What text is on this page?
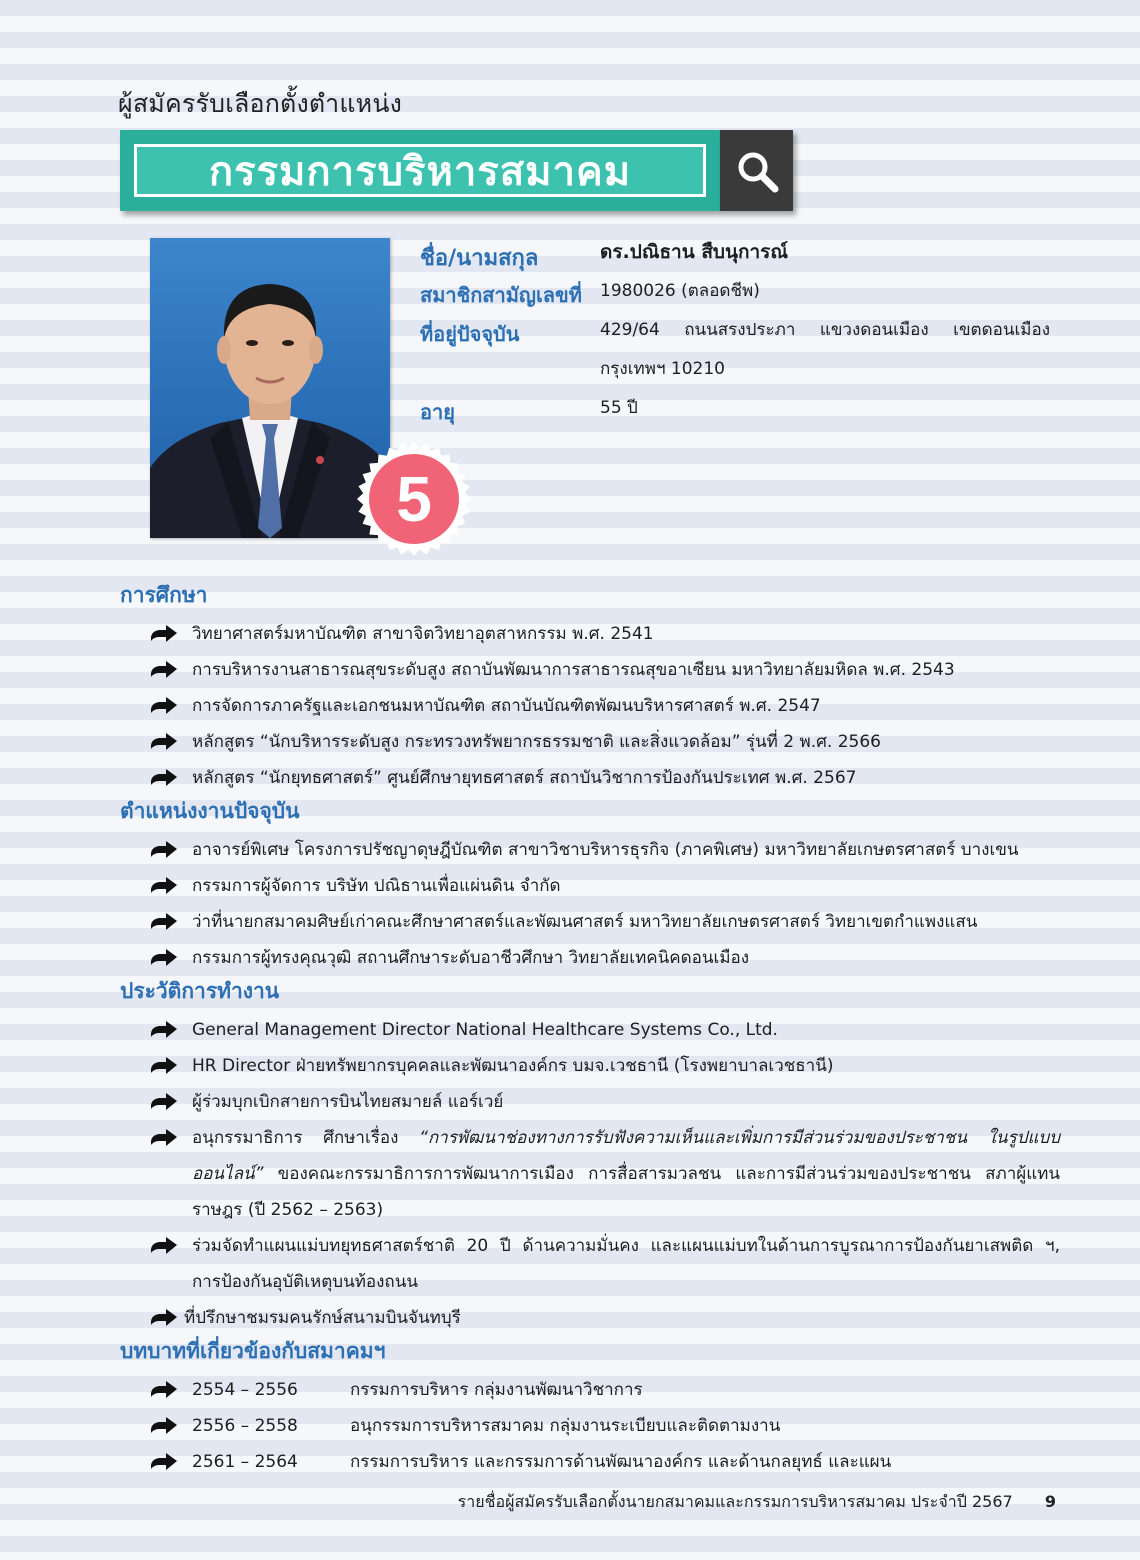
ผู้สมัครรับเลือกตั้งตำแหน่ง
กรรมการบริหารสมาคม
5
ชื่อ/นามสกุล	ดร.ปณิธาน สืบนุการณ์
สมาชิกสามัญเลขที่ 1980026 (ตลอดชีพ)
ที่อยู่ปัจจุบัน	429/64 ถนนสรงประภา แขวงดอนเมือง เขตดอนเมือง กรุงเทพฯ 10210
อายุ	55 ปี
การศึกษา
วิทยาศาสตร์มหาบัณฑิต สาขาจิตวิทยาอุตสาหกรรม พ.ศ. 2541
การบริหารงานสาธารณสุขระดับสูง สถาบันพัฒนาการสาธารณสุขอาเซียน มหาวิทยาลัยมหิดล พ.ศ. 2543
การจัดการภาครัฐและเอกชนมหาบัณฑิต สถาบันบัณฑิตพัฒนบริหารศาสตร์ พ.ศ. 2547
หลักสูตร “นักบริหารระดับสูง กระทรวงทรัพยากรธรรมชาติ และสิ่งแวดล้อม” รุ่นที่ 2 พ.ศ. 2566
หลักสูตร “นักยุทธศาสตร์” ศูนย์ศึกษายุทธศาสตร์ สถาบันวิชาการป้องกันประเทศ พ.ศ. 2567
ตำแหน่งงานปัจจุบัน
อาจารย์พิเศษ โครงการปรัชญาดุษฎีบัณฑิต สาขาวิชาบริหารธุรกิจ (ภาคพิเศษ) มหาวิทยาลัยเกษตรศาสตร์ บางเขน
กรรมการผู้จัดการ บริษัท ปณิธานเพื่อแผ่นดิน จำกัด
ว่าที่นายกสมาคมศิษย์เก่าคณะศึกษาศาสตร์และพัฒนศาสตร์ มหาวิทยาลัยเกษตรศาสตร์ วิทยาเขตกำแพงแสน
กรรมการผู้ทรงคุณวุฒิ สถานศึกษาระดับอาชีวศึกษา วิทยาลัยเทคนิคดอนเมือง
ประวัติการทำงาน
General Management Director National Healthcare Systems Co., Ltd.
HR Director ฝ่ายทรัพยากรบุคคลและพัฒนาองค์กร บมจ.เวชธานี (โรงพยาบาลเวชธานี)
ผู้ร่วมบุกเบิกสายการบินไทยสมายล์ แอร์เวย์
อนุกรรมาธิการ ศึกษาเรื่อง “การพัฒนาช่องทางการรับฟังความเห็นและเพิ่มการมีส่วนร่วมของประชาชน ในรูปแบบออนไลน์” ของคณะกรรมาธิการการพัฒนาการเมือง การสื่อสารมวลชน และการมีส่วนร่วมของประชาชน สภาผู้แทนราษฎร (ปี 2562 – 2563)
ร่วมจัดทำแผนแม่บทยุทธศาสตร์ชาติ 20 ปี ด้านความมั่นคง และแผนแม่บทในด้านการบูรณาการป้องกันยาเสพติด ฯ, การป้องกันอุบัติเหตุบนท้องถนน
ที่ปรึกษาชมรมคนรักษ์สนามบินจันทบุรี
บทบาทที่เกี่ยวข้องกับสมาคมฯ
2554 – 2556	กรรมการบริหาร กลุ่มงานพัฒนาวิชาการ
2556 – 2558	อนุกรรมการบริหารสมาคม กลุ่มงานระเบียบและติดตามงาน
2561 – 2564	กรรมการบริหาร และกรรมการด้านพัฒนาองค์กร และด้านกลยุทธ์ และแผน
รายชื่อผู้สมัครรับเลือกตั้งนายกสมาคมและกรรมการบริหารสมาคม ประจำปี 2567 9
